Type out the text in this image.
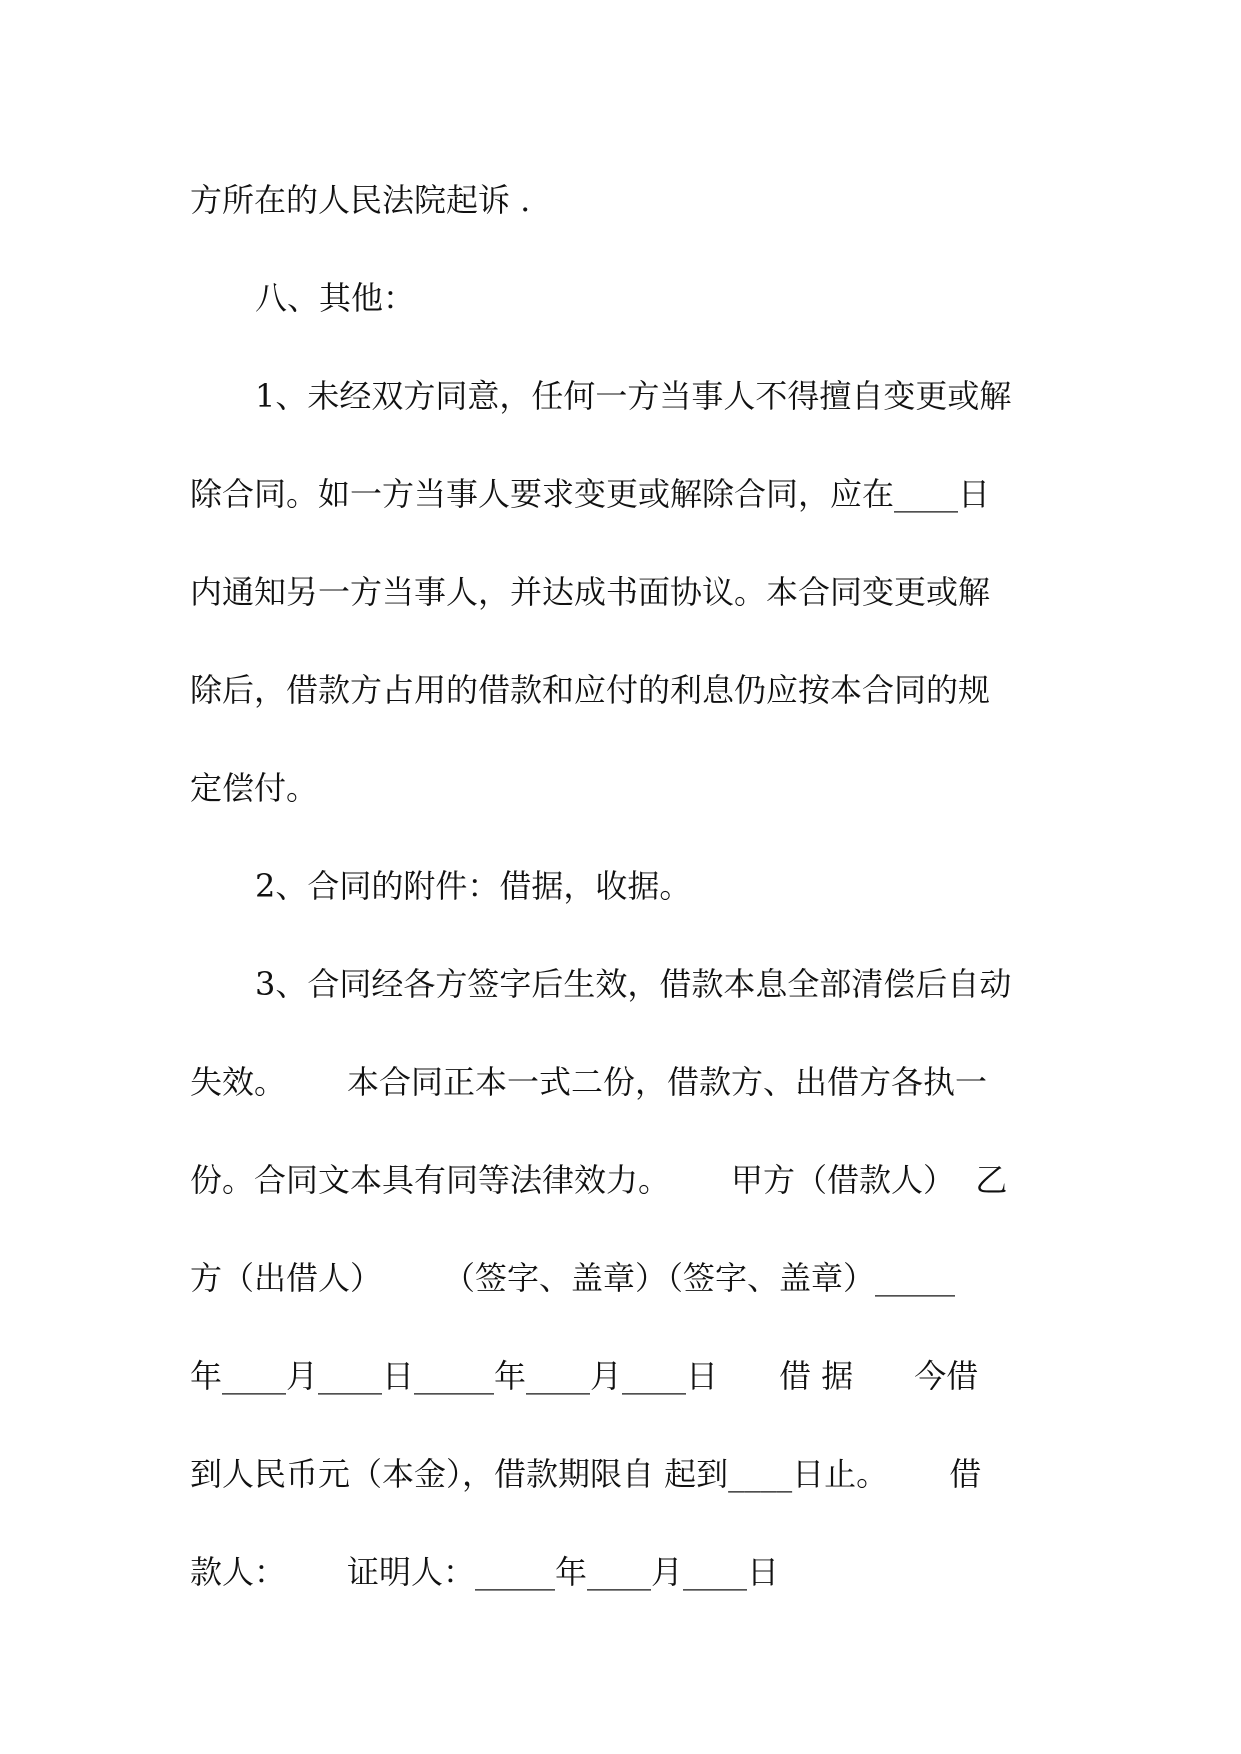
方所在的人民法院起诉 .
八、其他：
1、未经双方同意，任何一方当事人不得擅自变更或解
除合同。如一方当事人要求变更或解除合同，应在____日
内通知另一方当事人，并达成书面协议。本合同变更或解
除后，借款方占用的借款和应付的利息仍应按本合同的规
定偿付。
2、合同的附件：借据，收据。
3、合同经各方签字后生效，借款本息全部清偿后自动
失效。      本合同正本一式二份，借款方、出借方各执一
份。合同文本具有同等法律效力。      甲方（借款人）  乙
方（出借人）      （签字、盖章）（签字、盖章）_____
年____月____日_____年____月____日      借 据      今借
到人民币元（本金），借款期限自 起到____日止。      借
款人：      证明人：_____年____月____日
